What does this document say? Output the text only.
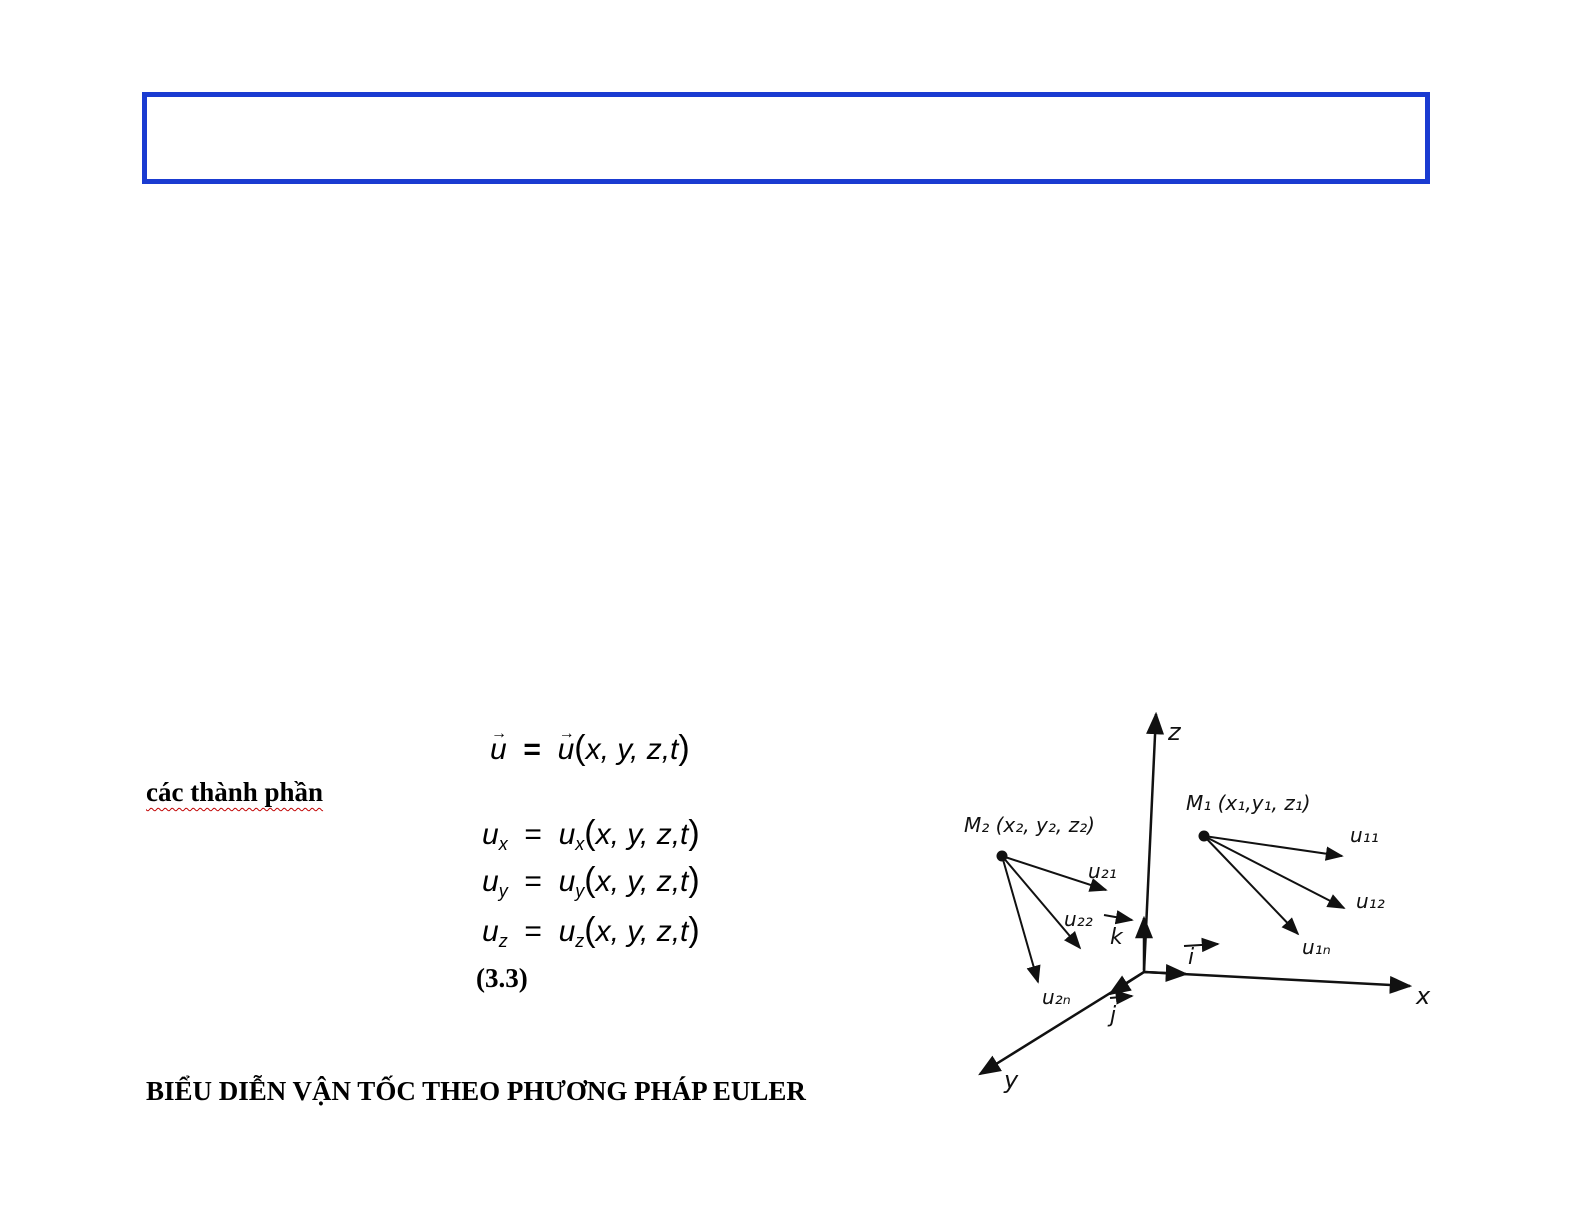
→ u  =  → u(x, y, z,t)
các thành phần
$u_x = u_x(x$, y, z,t)
$u_y = u_y(x$, y, z,t)
$u_z = u_z(x$, y, z,t)
(3.3)
BIỂU DIỄN VẬN TỐC THEO PHƯƠNG PHÁP EULER
z
x
y
k
i
j
M₁ (x₁,y₁, z₁)
u₁₁
u₁₂
u₁ₙ
M₂ (x₂, y₂, z₂)
u₂₁
u₂₂
u₂ₙ
